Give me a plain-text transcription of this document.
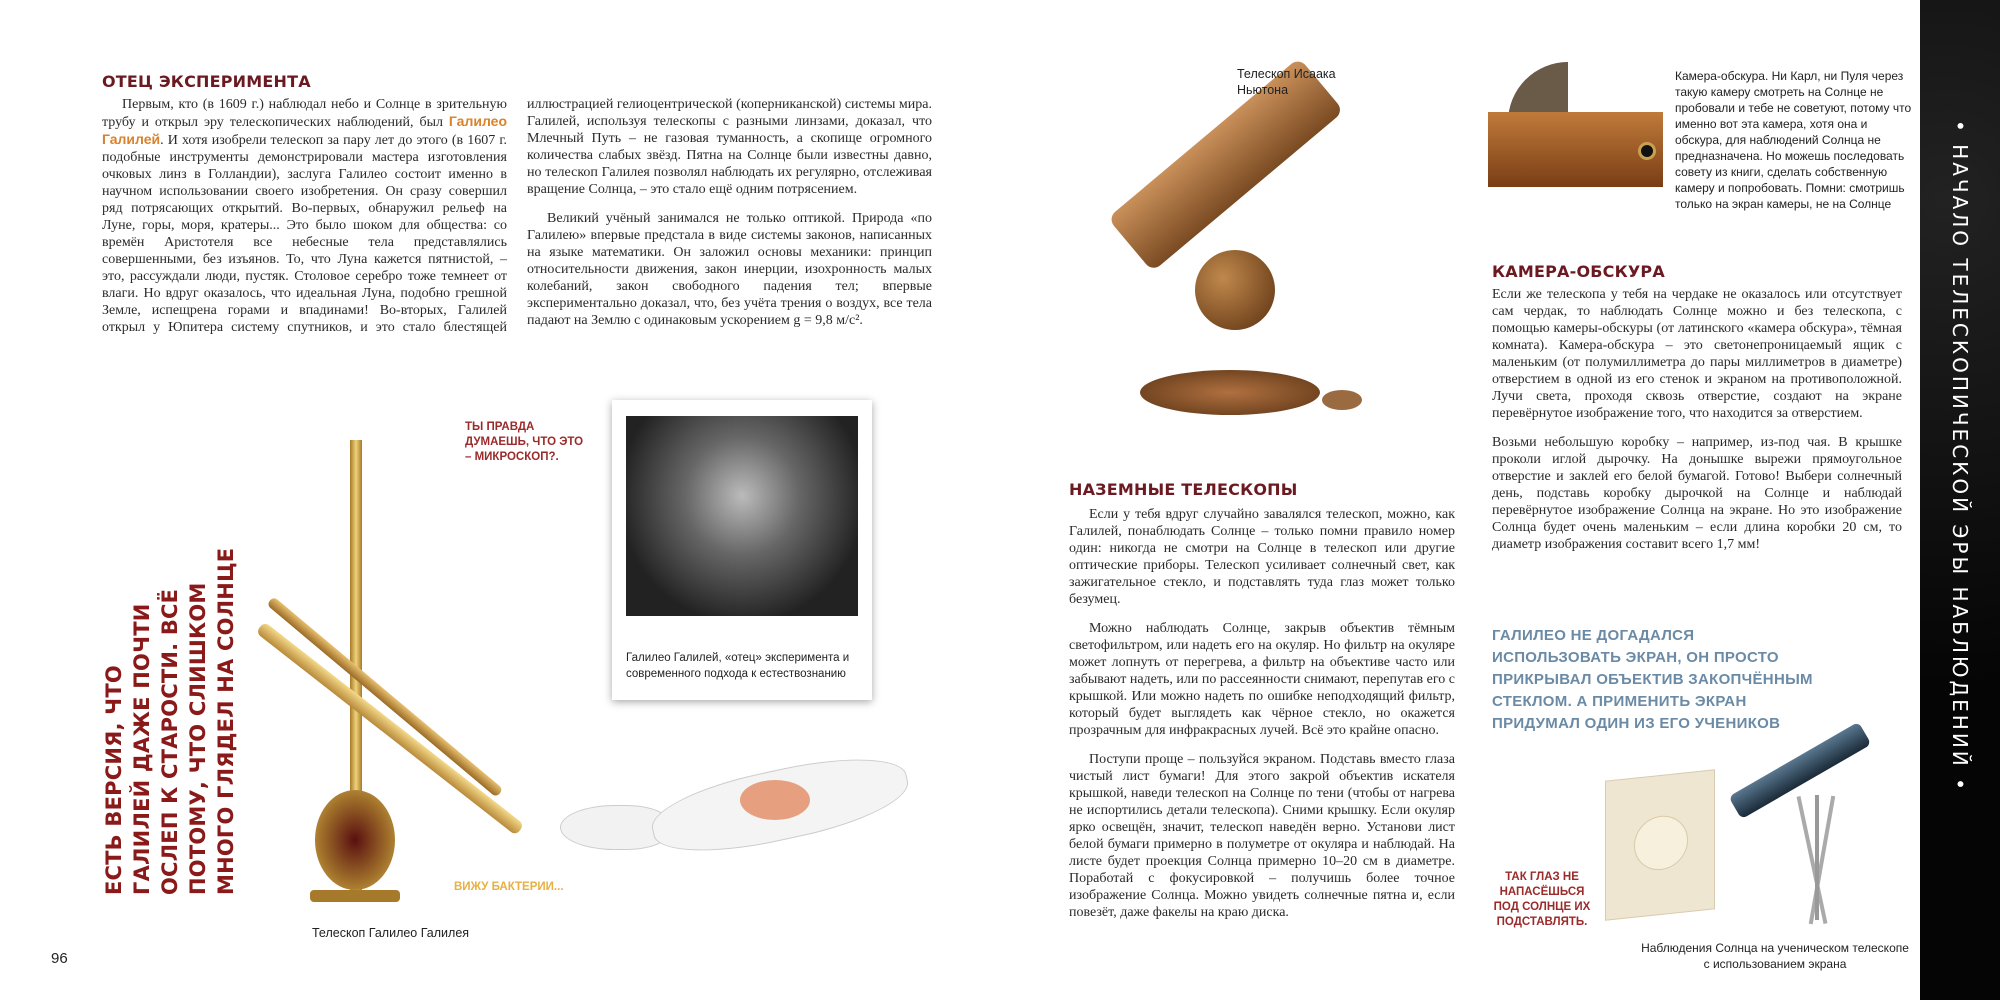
ОТЕЦ ЭКСПЕРИМЕНТА

Первым, кто (в 1609 г.) наблюдал небо и Солнце в зрительную трубу и открыл эру телескопических наблюдений, был Галилео Галилей. И хотя изобрели телескоп за пару лет до этого (в 1607 г. подобные инструменты демонстрировали мастера изготовления очковых линз в Голландии), заслуга Галилео состоит именно в научном использовании своего изобретения. Он сразу совершил ряд потрясающих открытий. Во-первых, обнаружил рельеф на Луне, горы, моря, кратеры... Это было шоком для общества: со времён Аристотеля все небесные тела представлялись совершенными, без изъянов. То, что Луна кажется пятнистой, – это, рассуждали люди, пустяк. Столовое серебро тоже темнеет от влаги. Но вдруг оказалось, что идеальная Луна, подобно грешной Земле, испещрена горами и впадинами! Во-вторых, Галилей открыл у Юпитера систему спутников, и это стало блестящей иллюстрацией гелиоцентрической (коперниканской) системы мира. Галилей, используя телескопы с разными линзами, доказал, что Млечный Путь – не газовая туманность, а скопище огромного количества слабых звёзд. Пятна на Солнце были известны давно, но телескоп Галилея позволял наблюдать их регулярно, отслеживая вращение Солнца, – это стало ещё одним потрясением.

Великий учёный занимался не только оптикой. Природа «по Галилею» впервые предстала в виде системы законов, написанных на языке математики. Он заложил основы механики: принцип относительности движения, закон инерции, изохронность малых колебаний, закон свободного падения тел; впервые экспериментально доказал, что, без учёта трения о воздух, все тела падают на Землю с одинаковым ускорением g = 9,8 м/с².

ТЫ ПРАВДА ДУМАЕШЬ, ЧТО ЭТО – МИКРОСКОП?.
Галилео Галилей, «отец» эксперимента и современного подхода к естествознанию
ВИЖУ БАКТЕРИИ...
Телескоп Галилео Галилея
ЕСТЬ ВЕРСИЯ, ЧТО ГАЛИЛЕЙ ДАЖЕ ПОЧТИ ОСЛЕП К СТАРОСТИ. ВСЁ ПОТОМУ, ЧТО СЛИШКОМ МНОГО ГЛЯДЕЛ НА СОЛНЦЕ
96
Телескоп Исаака Ньютона
НАЗЕМНЫЕ ТЕЛЕСКОПЫ

Если у тебя вдруг случайно завалялся телескоп, можно, как Галилей, понаблюдать Солнце – только помни правило номер один: никогда не смотри на Солнце в телескоп или другие оптические приборы. Телескоп усиливает солнечный свет, как зажигательное стекло, и подставлять туда глаз может только безумец.

Можно наблюдать Солнце, закрыв объектив тёмным светофильтром, или надеть его на окуляр. Но фильтр на окуляре может лопнуть от перегрева, а фильтр на объективе часто или забывают надеть, или по рассеянности снимают, перепутав его с крышкой. Или можно надеть по ошибке неподходящий фильтр, который будет выглядеть как чёрное стекло, но окажется прозрачным для инфракрасных лучей. Всё это крайне опасно.

Поступи проще – пользуйся экраном. Подставь вместо глаза чистый лист бумаги! Для этого закрой объектив искателя крышкой, наведи телескоп на Солнце по тени (чтобы от нагрева не испортились детали телескопа). Сними крышку. Если окуляр ярко освещён, значит, телескоп наведён верно. Установи лист белой бумаги примерно в полуметре от окуляра и наблюдай. На листе будет проекция Солнца примерно 10–20 см в диаметре. Поработай с фокусировкой – получишь более точное изображение Солнца. Можно увидеть солнечные пятна и, если повезёт, даже факелы на краю диска.

Камера-обскура. Ни Карл, ни Пуля через такую камеру смотреть на Солнце не пробовали и тебе не советуют, потому что именно вот эта камера, хотя она и обскура, для наблюдений Солнца не предназначена. Но можешь последовать совету из книги, сделать собственную камеру и попробовать. Помни: смотришь только на экран камеры, не на Солнце
КАМЕРА-ОБСКУРА

Если же телескопа у тебя на чердаке не оказалось или отсутствует сам чердак, то наблюдать Солнце можно и без телескопа, с помощью камеры-обскуры (от латинского «камера обскура», тёмная комната). Камера-обскура – это светонепроницаемый ящик с маленьким (от полумиллиметра до пары миллиметров в диаметре) отверстием в одной из его стенок и экраном на противоположной. Лучи света, проходя сквозь отверстие, создают на экране перевёрнутое изображение того, что находится за отверстием.

Возьми небольшую коробку – например, из-под чая. В крышке проколи иглой дырочку. На донышке вырежи прямоугольное отверстие и заклей его белой бумагой. Готово! Выбери солнечный день, подставь коробку дырочкой на Солнце и наблюдай перевёрнутое изображение Солнца на экране. Но это изображение Солнца будет очень маленьким – если длина коробки 20 см, то диаметр изображения составит всего 1,7 мм!

ГАЛИЛЕО НЕ ДОГАДАЛСЯ ИСПОЛЬЗОВАТЬ ЭКРАН, ОН ПРОСТО ПРИКРЫВАЛ ОБЪЕКТИВ ЗАКОПЧЁННЫМ СТЕКЛОМ. А ПРИМЕНИТЬ ЭКРАН ПРИДУМАЛ ОДИН ИЗ ЕГО УЧЕНИКОВ
ТАК ГЛАЗ НЕ НАПАСЁШЬСЯ ПОД СОЛНЦЕ ИХ ПОДСТАВЛЯТЬ.
Наблюдения Солнца на ученическом телескопе с использованием экрана
• НАЧАЛО ТЕЛЕСКОПИЧЕСКОЙ ЭРЫ НАБЛЮДЕНИЙ •
